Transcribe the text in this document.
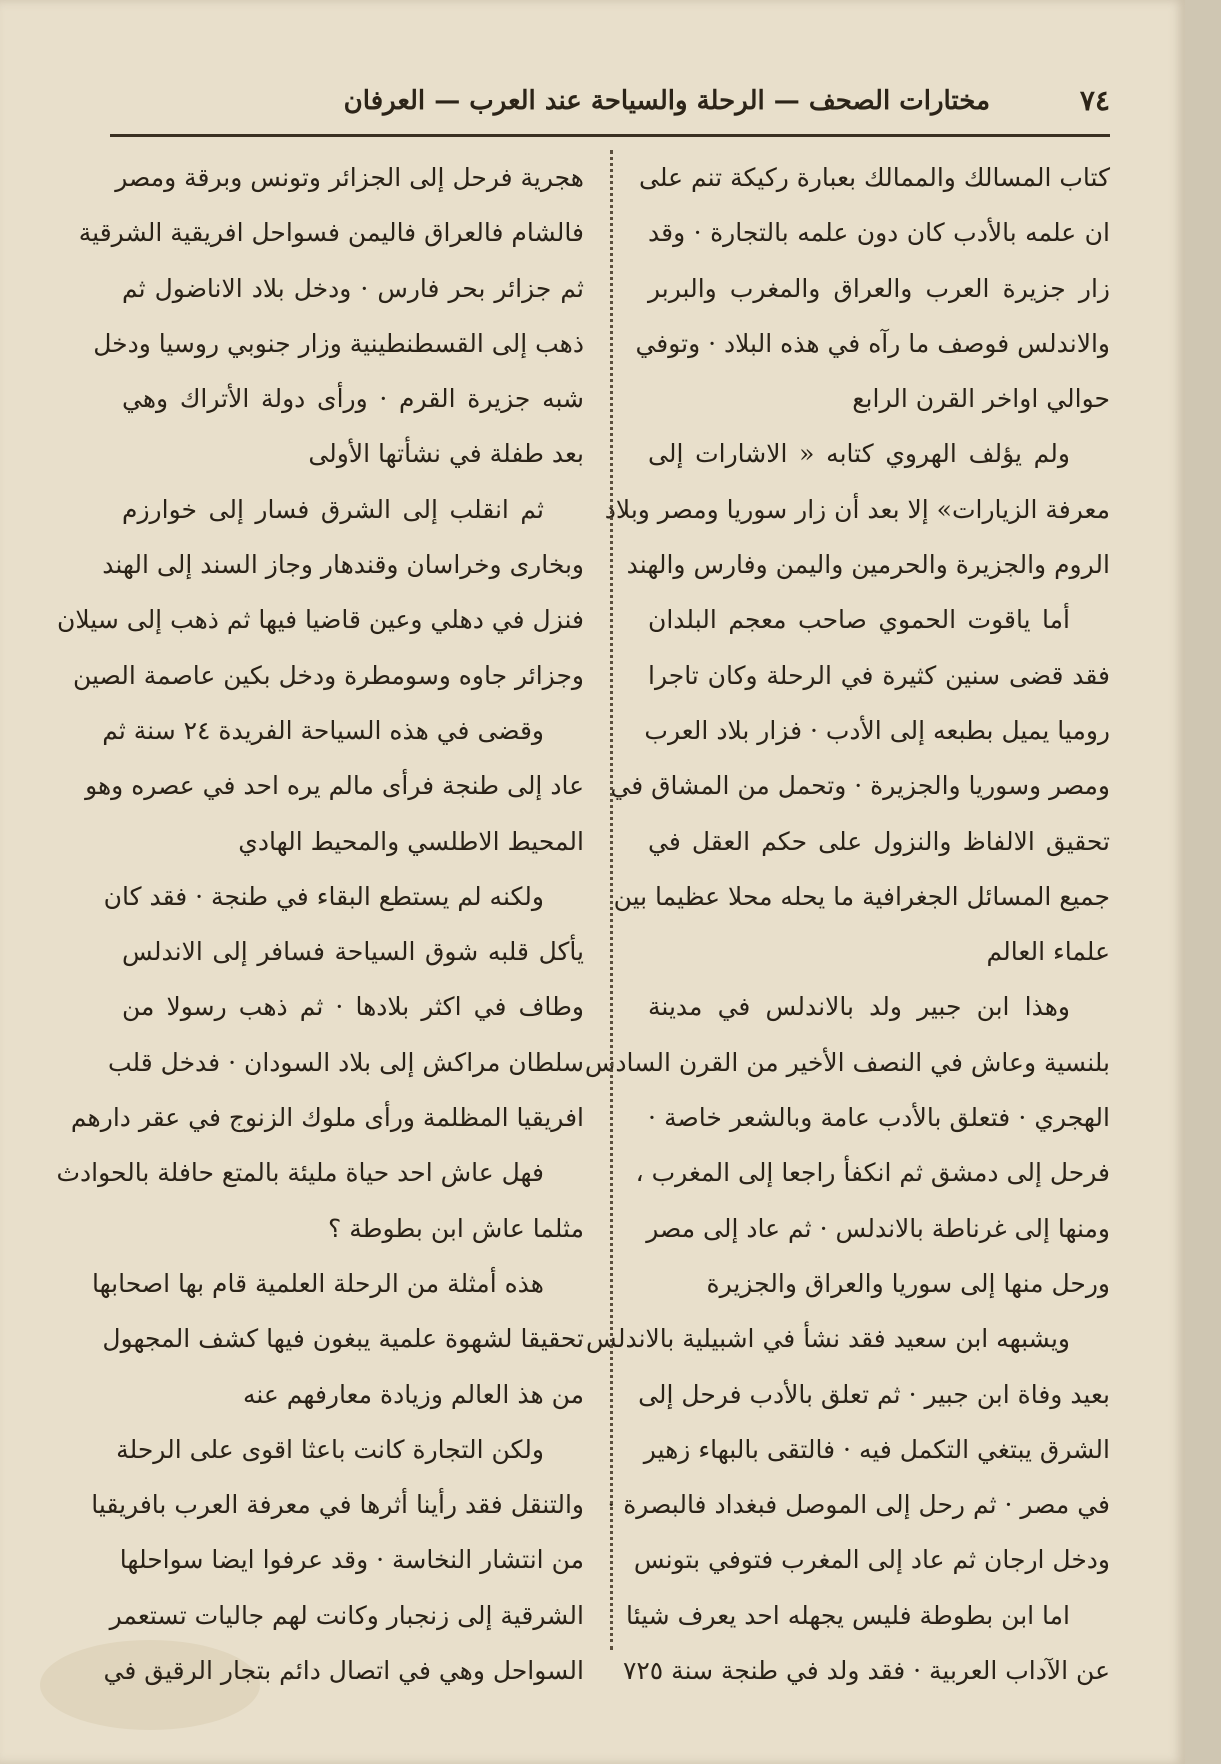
٧٤
مختارات الصحف — الرحلة والسياحة عند العرب — العرفان
كتاب المسالك والممالك بعبارة ركيكة تنم على
ان علمه بالأدب كان دون علمه بالتجارة · وقد
زار جزيرة العرب والعراق والمغرب والبربر
والاندلس فوصف ما رآه في هذه البلاد · وتوفي
حوالي اواخر القرن الرابع
ولم يؤلف الهروي كتابه « الاشارات إلى
معرفة الزيارات» إلا بعد أن زار سوريا ومصر وبلاد
الروم والجزيرة والحرمين واليمن وفارس والهند
أما ياقوت الحموي صاحب معجم البلدان
فقد قضى سنين كثيرة في الرحلة وكان تاجرا
روميا يميل بطبعه إلى الأدب · فزار بلاد العرب
ومصر وسوريا والجزيرة · وتحمل من المشاق في
تحقيق الالفاظ والنزول على حكم العقل في
جميع المسائل الجغرافية ما يحله محلا عظيما بين
علماء العالم
وهذا ابن جبير ولد بالاندلس في مدينة
بلنسية وعاش في النصف الأخير من القرن السادس
الهجري · فتعلق بالأدب عامة وبالشعر خاصة ·
فرحل إلى دمشق ثم انكفأ راجعا إلى المغرب ،
ومنها إلى غرناطة بالاندلس · ثم عاد إلى مصر
ورحل منها إلى سوريا والعراق والجزيرة
ويشبهه ابن سعيد فقد نشأ في اشبيلية بالاندلس
بعيد وفاة ابن جبير · ثم تعلق بالأدب فرحل إلى
الشرق يبتغي التكمل فيه · فالتقى بالبهاء زهير
في مصر · ثم رحل إلى الموصل فبغداد فالبصرة ·
ودخل ارجان ثم عاد إلى المغرب فتوفي بتونس
اما ابن بطوطة فليس يجهله احد يعرف شيئا
عن الآداب العربية · فقد ولد في طنجة سنة ٧٢٥
هجرية فرحل إلى الجزائر وتونس وبرقة ومصر
فالشام فالعراق فاليمن فسواحل افريقية الشرقية
ثم جزائر بحر فارس · ودخل بلاد الاناضول ثم
ذهب إلى القسطنطينية وزار جنوبي روسيا ودخل
شبه جزيرة القرم · ورأى دولة الأتراك وهي
بعد طفلة في نشأتها الأولى
ثم انقلب إلى الشرق فسار إلى خوارزم
وبخارى وخراسان وقندهار وجاز السند إلى الهند
فنزل في دهلي وعين قاضيا فيها ثم ذهب إلى سيلان
وجزائر جاوه وسومطرة ودخل بكين عاصمة الصين
وقضى في هذه السياحة الفريدة ٢٤ سنة ثم
عاد إلى طنجة فرأى مالم يره احد في عصره وهو
المحيط الاطلسي والمحيط الهادي
ولكنه لم يستطع البقاء في طنجة · فقد كان
يأكل قلبه شوق السياحة فسافر إلى الاندلس
وطاف في اكثر بلادها · ثم ذهب رسولا من
سلطان مراكش إلى بلاد السودان · فدخل قلب
افريقيا المظلمة ورأى ملوك الزنوج في عقر دارهم
فهل عاش احد حياة مليئة بالمتع حافلة بالحوادث
مثلما عاش ابن بطوطة ؟
هذه أمثلة من الرحلة العلمية قام بها اصحابها
تحقيقا لشهوة علمية يبغون فيها كشف المجهول
من هذ العالم وزيادة معارفهم عنه
ولكن التجارة كانت باعثا اقوى على الرحلة
والتنقل فقد رأينا أثرها في معرفة العرب بافريقيا
من انتشار النخاسة · وقد عرفوا ايضا سواحلها
الشرقية إلى زنجبار وكانت لهم جاليات تستعمر
السواحل وهي في اتصال دائم بتجار الرقيق في
